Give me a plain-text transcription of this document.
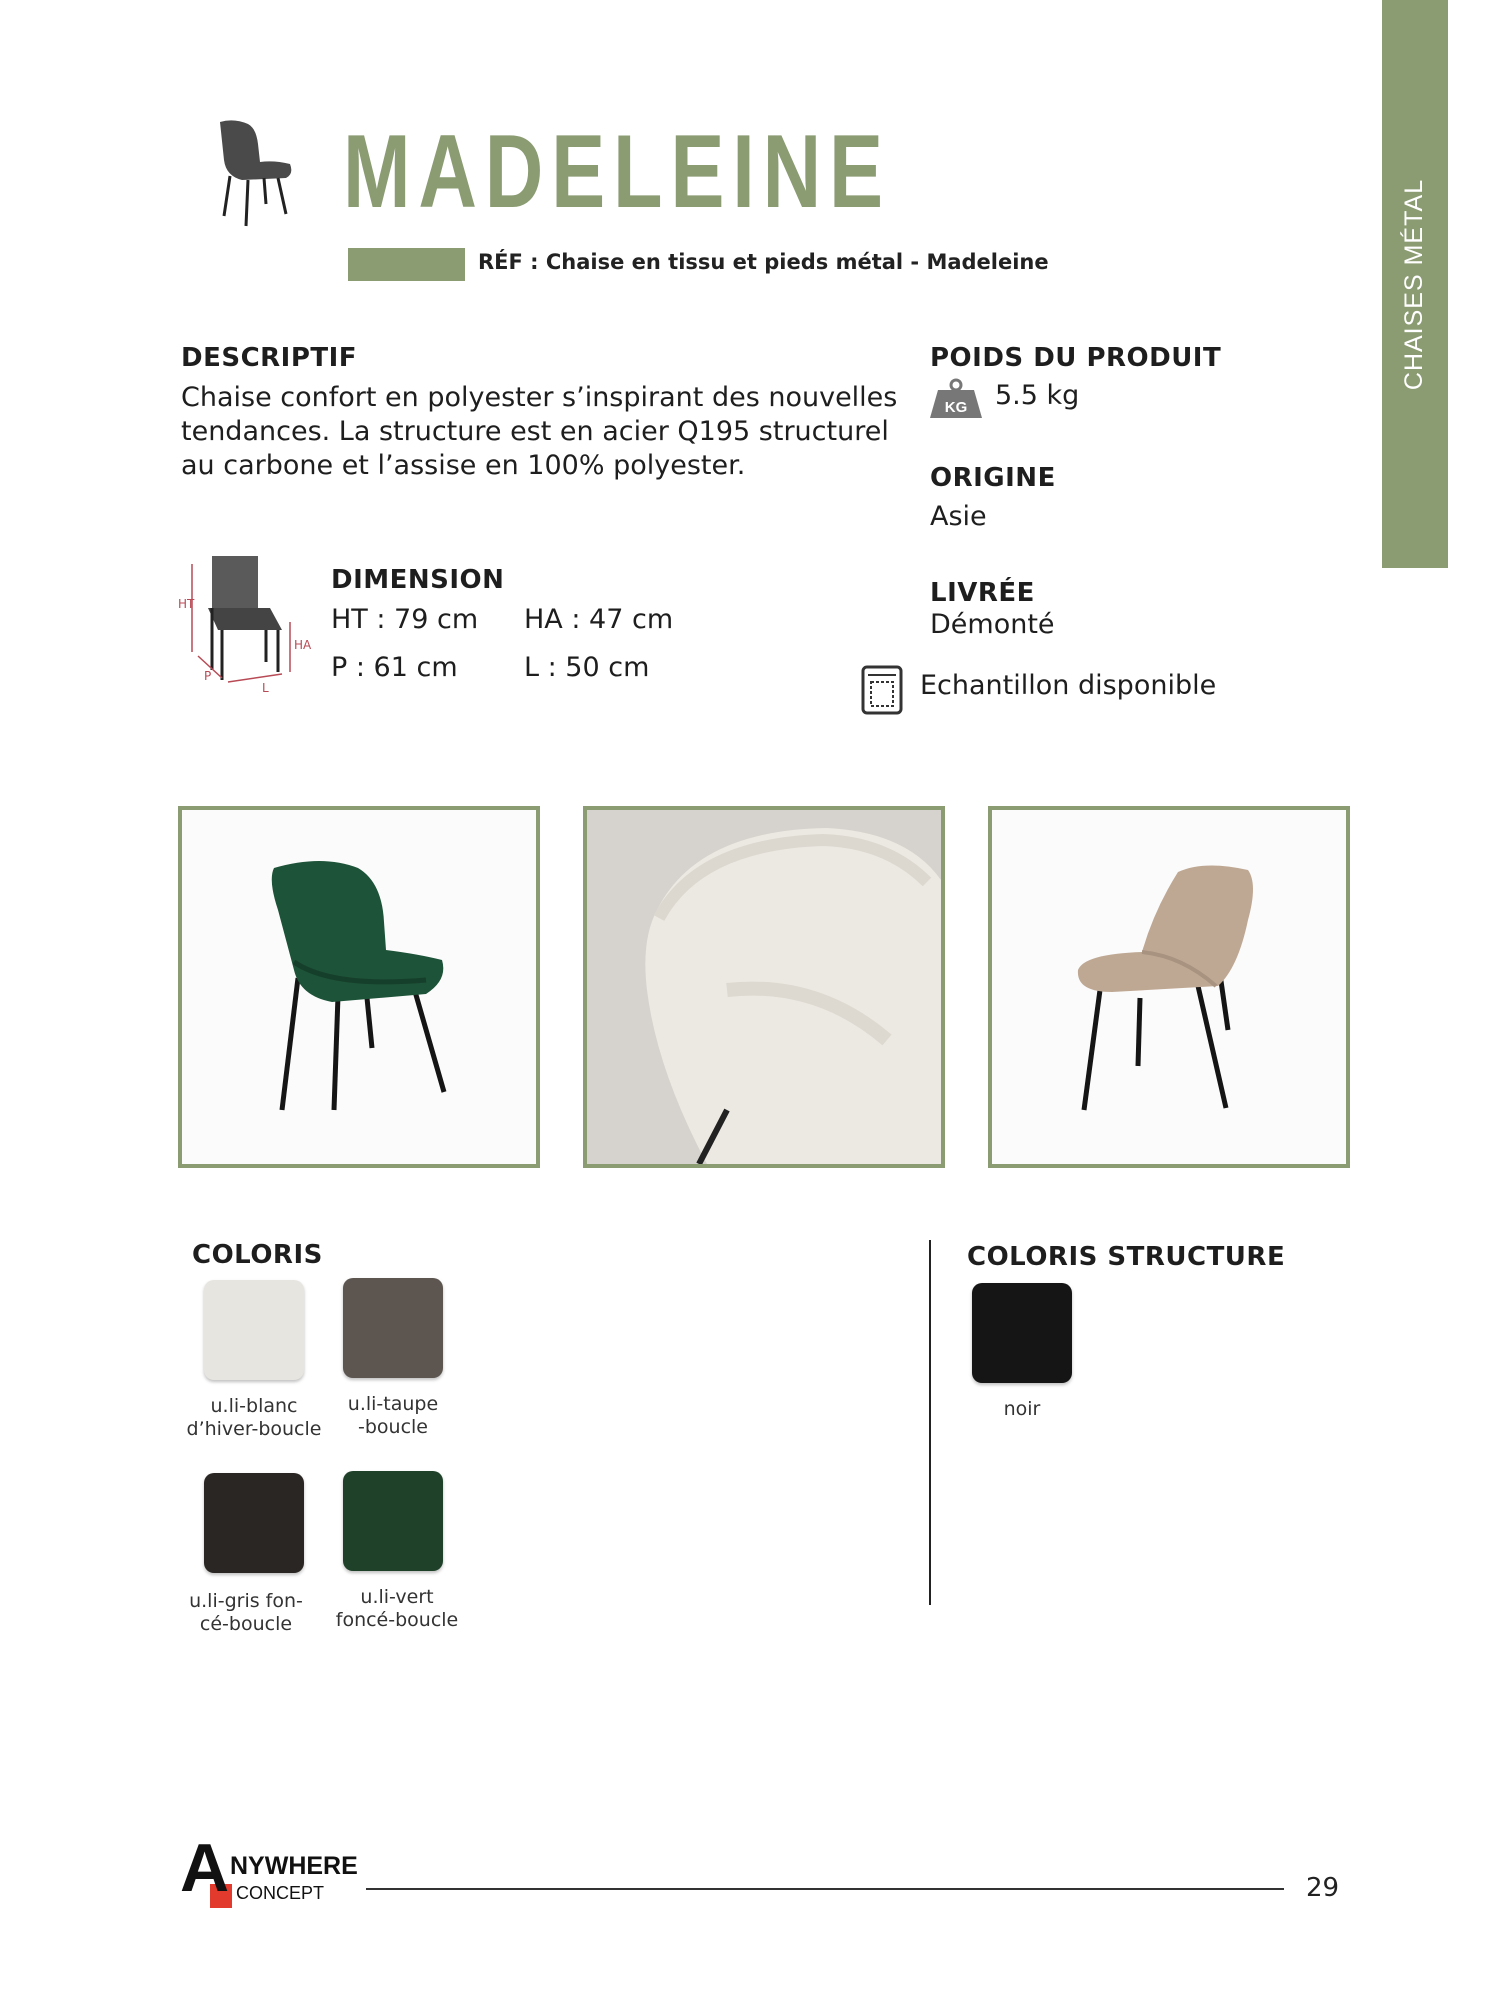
CHAISES MÉTAL
MADELEINE
RÉF : Chaise en tissu et pieds métal - Madeleine
DESCRIPTIF
Chaise confort en polyester s’inspirant des nouvelles
tendances. La structure est en acier Q195 structurel
au carbone et l’assise en 100% polyester.
POIDS DU PRODUIT
KG 5.5 kg
ORIGINE
Asie
LIVRÉE
Démonté
Echantillon disponible
HT
HA
P
L
DIMENSION
HT : 79 cm HA : 47 cm
P : 61 cm L : 50 cm
COLORIS
u.li-blanc
d’hiver-boucle
u.li-taupe
-boucle
u.li-gris fon-
cé-boucle
u.li-vert
foncé-boucle
COLORIS STRUCTURE
noir
A NYWHERE
CONCEPT	29
